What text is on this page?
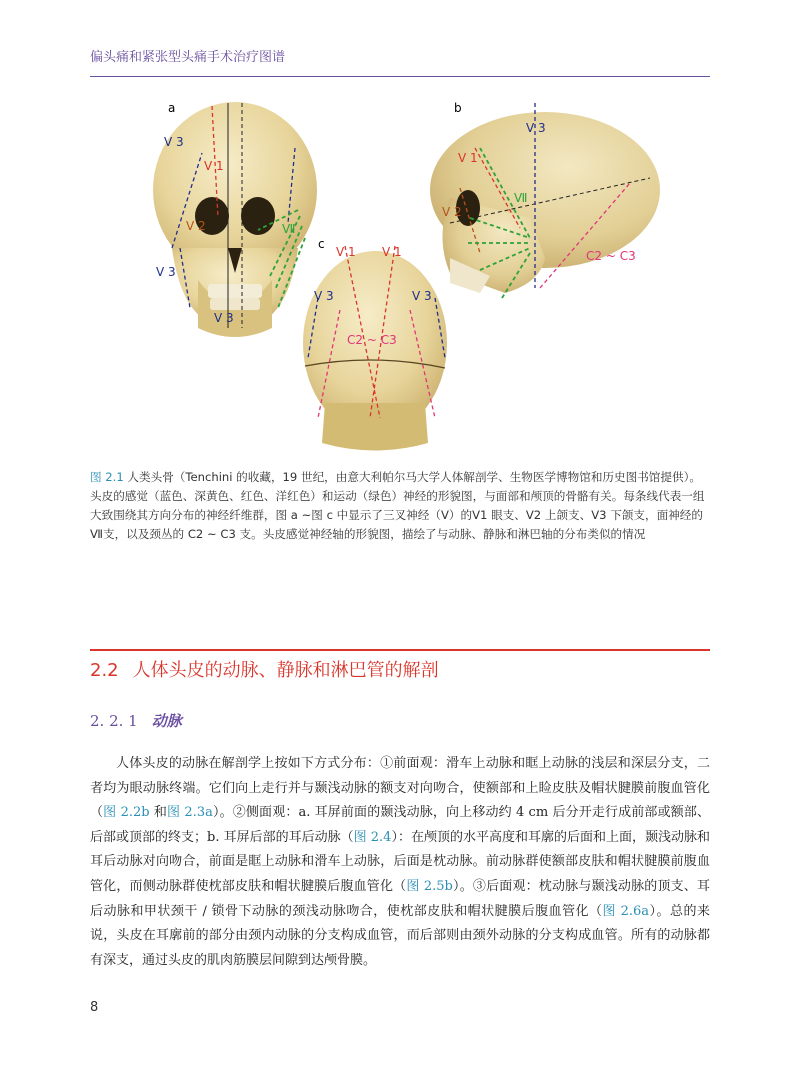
偏头痛和紧张型头痛手术治疗图谱
a
V 3
V 1
V 2	Ⅶ
V 3
V 3
b
V 3
V 1
V 2
Ⅶ
C2 ~ C3
c
V 1 V 1
V 3	V 3
C2 ~ C3
图 2.1 人类头骨（Tenchini 的收藏，19 世纪，由意大利帕尔马大学人体解剖学、生物医学博物馆和历史图书馆提供）。头皮的感觉（蓝色、深黄色、红色、洋红色）和运动（绿色）神经的形貌图，与面部和颅顶的骨骼有关。每条线代表一组大致围绕其方向分布的神经纤维群，图 a ~图 c 中显示了三叉神经（Ⅴ）的Ⅴ1 眼支、Ⅴ2 上颌支、Ⅴ3 下颌支，面神经的Ⅶ支，以及颈丛的 C2 ~ C3 支。头皮感觉神经轴的形貌图，描绘了与动脉、静脉和淋巴轴的分布类似的情况
2.2 人体头皮的动脉、静脉和淋巴管的解剖
2. 2. 1 动脉
人体头皮的动脉在解剖学上按如下方式分布：①前面观：滑车上动脉和眶上动脉的浅层和深层分支，二者均为眼动脉终端。它们向上走行并与颞浅动脉的额支对向吻合，使额部和上睑皮肤及帽状腱膜前腹血管化（图 2.2b 和图 2.3a）。②侧面观：a. 耳屏前面的颞浅动脉，向上移动约 4 cm 后分开走行成前部或额部、后部或顶部的终支；b. 耳屏后部的耳后动脉（图 2.4）：在颅顶的水平高度和耳廓的后面和上面，颞浅动脉和耳后动脉对向吻合，前面是眶上动脉和滑车上动脉，后面是枕动脉。前动脉群使额部皮肤和帽状腱膜前腹血管化，而侧动脉群使枕部皮肤和帽状腱膜后腹血管化（图 2.5b）。③后面观：枕动脉与颞浅动脉的顶支、耳后动脉和甲状颈干 / 锁骨下动脉的颈浅动脉吻合，使枕部皮肤和帽状腱膜后腹血管化（图 2.6a）。总的来说，头皮在耳廓前的部分由颈内动脉的分支构成血管，而后部则由颈外动脉的分支构成血管。所有的动脉都有深支，通过头皮的肌肉筋膜层间隙到达颅骨膜。
8
